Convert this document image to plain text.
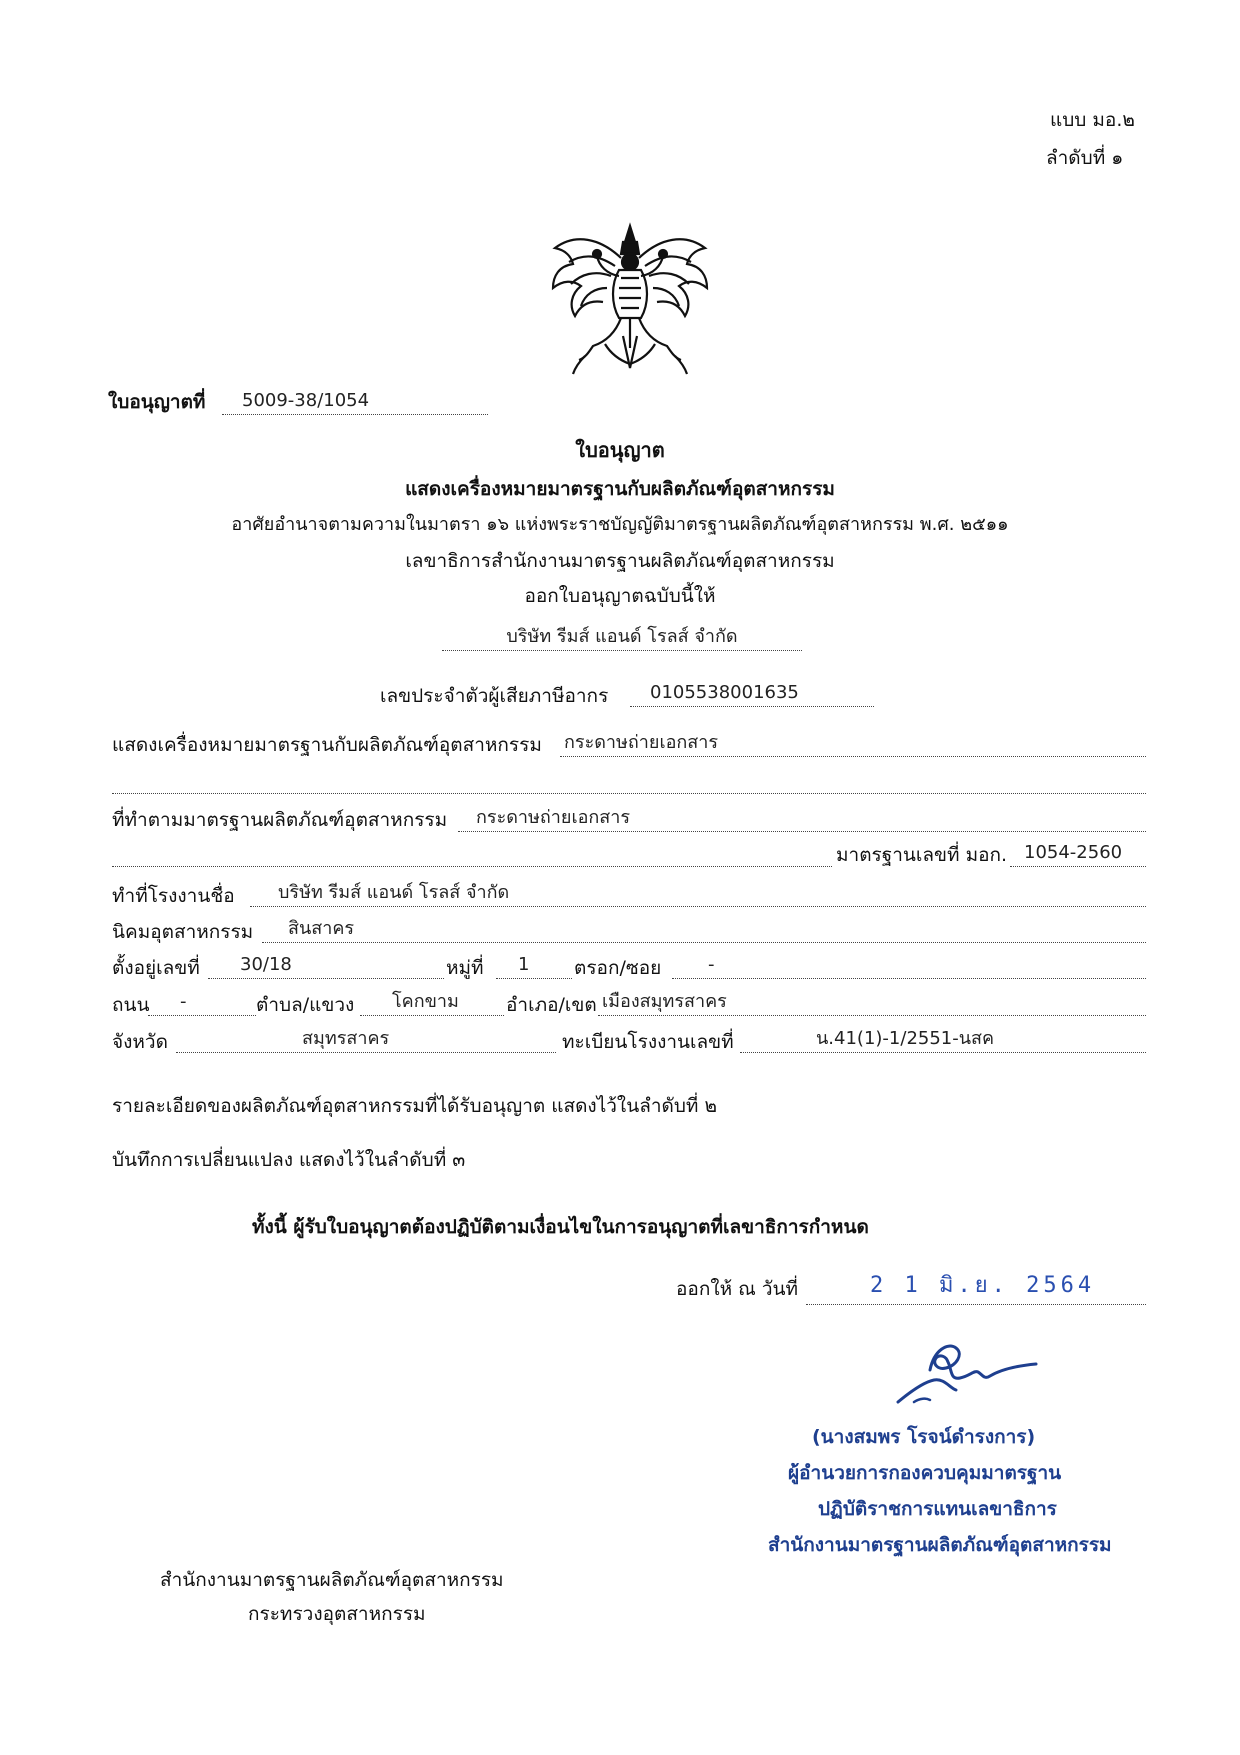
แบบ มอ.๒
ลำดับที่ ๑
ใบอนุญาตที่	5009-38/1054
ใบอนุญาต
แสดงเครื่องหมายมาตรฐานกับผลิตภัณฑ์อุตสาหกรรม
อาศัยอำนาจตามความในมาตรา ๑๖ แห่งพระราชบัญญัติมาตรฐานผลิตภัณฑ์อุตสาหกรรม พ.ศ. ๒๕๑๑
เลขาธิการสำนักงานมาตรฐานผลิตภัณฑ์อุตสาหกรรม
ออกใบอนุญาตฉบับนี้ให้
บริษัท รีมส์ แอนด์ โรลส์ จำกัด
เลขประจำตัวผู้เสียภาษีอากร	0105538001635
แสดงเครื่องหมายมาตรฐานกับผลิตภัณฑ์อุตสาหกรรม กระดาษถ่ายเอกสาร
ที่ทำตามมาตรฐานผลิตภัณฑ์อุตสาหกรรม	กระดาษถ่ายเอกสาร
มาตรฐานเลขที่ มอก. 1054-2560
ทำที่โรงงานชื่อ	บริษัท รีมส์ แอนด์ โรลส์ จำกัด
นิคมอุตสาหกรรม	สินสาคร
ตั้งอยู่เลขที่	30/18	หมู่ที่	1	ตรอก/ซอย	-
ถนน	-	ตำบล/แขวง	โคกขาม	อำเภอ/เขต เมืองสมุทรสาคร
จังหวัด	สมุทรสาคร	ทะเบียนโรงงานเลขที่	น.41(1)-1/2551-นสค
รายละเอียดของผลิตภัณฑ์อุตสาหกรรมที่ได้รับอนุญาต แสดงไว้ในลำดับที่ ๒
บันทึกการเปลี่ยนแปลง แสดงไว้ในลำดับที่ ๓
ทั้งนี้ ผู้รับใบอนุญาตต้องปฏิบัติตามเงื่อนไขในการอนุญาตที่เลขาธิการกำหนด
ออกให้ ณ วันที่	2 1 มิ.ย. 2564
(นางสมพร โรจน์ดำรงการ)
ผู้อำนวยการกองควบคุมมาตรฐาน
ปฏิบัติราชการแทนเลขาธิการ
สำนักงานมาตรฐานผลิตภัณฑ์อุตสาหกรรม
สำนักงานมาตรฐานผลิตภัณฑ์อุตสาหกรรม
กระทรวงอุตสาหกรรม
